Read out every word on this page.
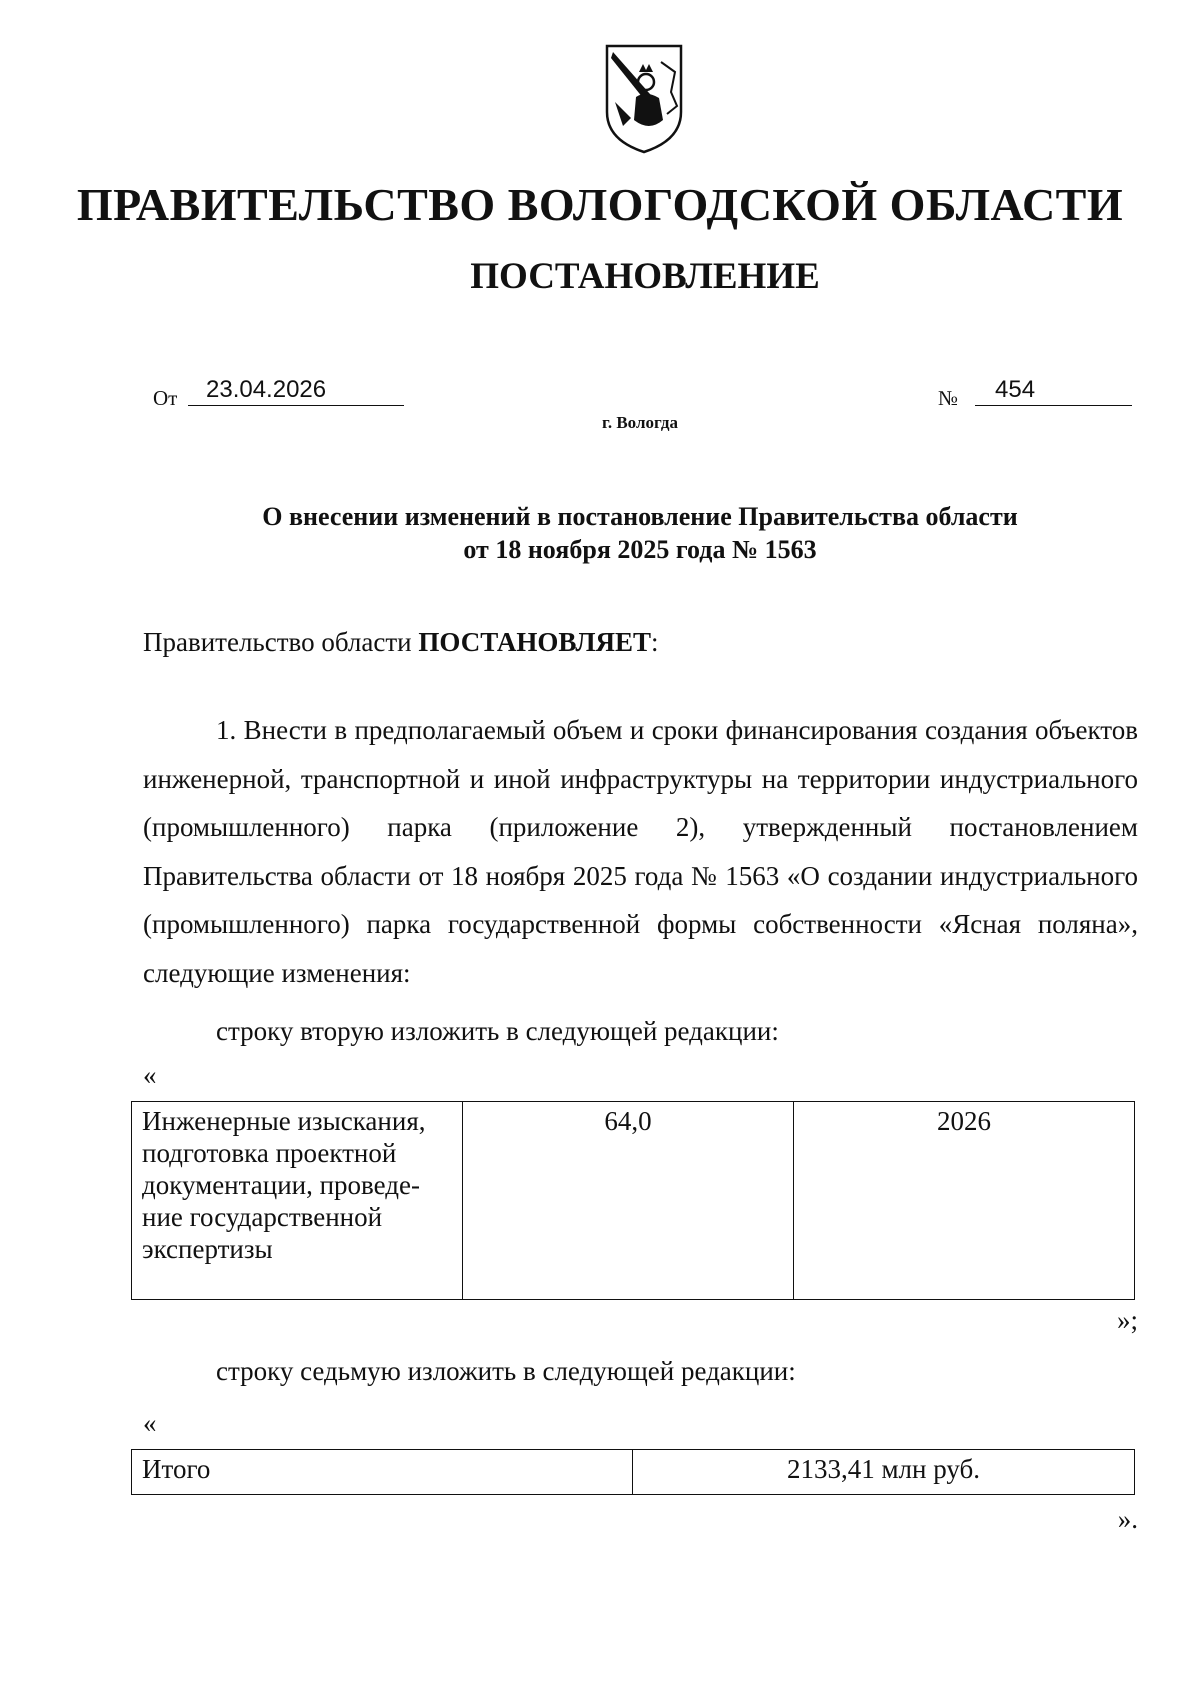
ПРАВИТЕЛЬСТВО ВОЛОГОДСКОЙ ОБЛАСТИ
ПОСТАНОВЛЕНИЕ
От	23.04.2026	№	454
г. Вологда
О внесении изменений в постановление Правительства области
от 18 ноября 2025 года № 1563
Правительство области ПОСТАНОВЛЯЕТ:

1. Внести в предполагаемый объем и сроки финансирования создания объектов инженерной, транспортной и иной инфраструктуры на территории индустриального (промышленного) парка (приложение 2), утвержденный постановлением Правительства области от 18 ноября 2025 года № 1563 «О создании индустриального (промышленного) парка государственной формы собственности «Ясная поляна», следующие изменения:

строку вторую изложить в следующей редакции:
«
Инженерные изыскания, подготовка проектной документации, проведе-ние государственной экспертизы	64,0	2026
»;
строку седьмую изложить в следующей редакции:
«
Итого	2133,41 млн руб.
».
